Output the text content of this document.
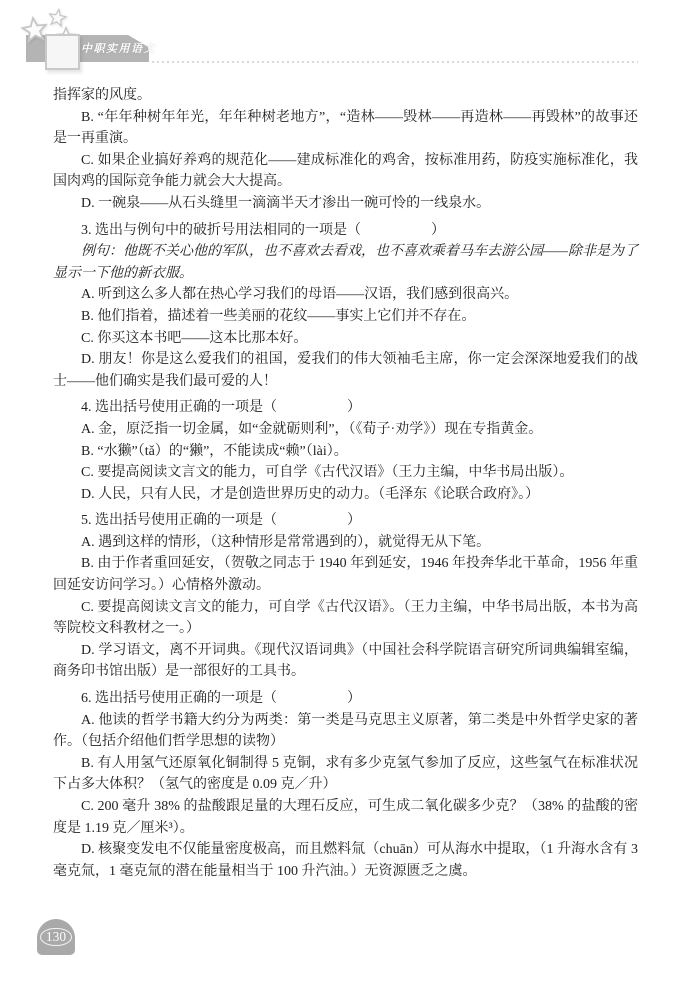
中职实用语文

指挥家的风度。

B. “年年种树年年光，年年种树老地方”，“造林——毁林——再造林——再毁林”的故事还是一再重演。

C. 如果企业搞好养鸡的规范化——建成标准化的鸡舍，按标准用药，防疫实施标准化，我国肉鸡的国际竞争能力就会大大提高。

D. 一碗泉——从石头缝里一滴滴半天才渗出一碗可怜的一线泉水。

3. 选出与例句中的破折号用法相同的一项是（　　　　　）

例句：他既不关心他的军队，也不喜欢去看戏，也不喜欢乘着马车去游公园——除非是为了显示一下他的新衣服。

A. 听到这么多人都在热心学习我们的母语——汉语，我们感到很高兴。

B. 他们指着，描述着一些美丽的花纹——事实上它们并不存在。

C. 你买这本书吧——这本比那本好。

D. 朋友！你是这么爱我们的祖国，爱我们的伟大领袖毛主席，你一定会深深地爱我们的战士——他们确实是我们最可爱的人！

4. 选出括号使用正确的一项是（　　　　　）

A. 金，原泛指一切金属，如“金就砺则利”，（《荀子·劝学》）现在专指黄金。

B. “水獭”（tǎ）的“獭”，不能读成“赖”（lài）。

C. 要提高阅读文言文的能力，可自学《古代汉语》（王力主编，中华书局出版）。

D. 人民，只有人民，才是创造世界历史的动力。（毛泽东《论联合政府》。）

5. 选出括号使用正确的一项是（　　　　　）

A. 遇到这样的情形，（这种情形是常常遇到的），就觉得无从下笔。

B. 由于作者重回延安，（贺敬之同志于 1940 年到延安，1946 年投奔华北干革命，1956 年重回延安访问学习。）心情格外激动。

C. 要提高阅读文言文的能力，可自学《古代汉语》。（王力主编，中华书局出版，本书为高等院校文科教材之一。）

D. 学习语文，离不开词典。《现代汉语词典》（中国社会科学院语言研究所词典编辑室编，商务印书馆出版）是一部很好的工具书。

6. 选出括号使用正确的一项是（　　　　　）

A. 他读的哲学书籍大约分为两类：第一类是马克思主义原著，第二类是中外哲学史家的著作。（包括介绍他们哲学思想的读物）

B. 有人用氢气还原氧化铜制得 5 克铜，求有多少克氢气参加了反应，这些氢气在标准状况下占多大体积？（氢气的密度是 0.09 克／升）

C. 200 毫升 38% 的盐酸跟足量的大理石反应，可生成二氧化碳多少克？（38% 的盐酸的密度是 1.19 克／厘米³）。

D. 核聚变发电不仅能量密度极高，而且燃料氚（chuān）可从海水中提取，（1 升海水含有 3 毫克氚，1 毫克氚的潜在能量相当于 100 升汽油。）无资源匮乏之虞。

130
